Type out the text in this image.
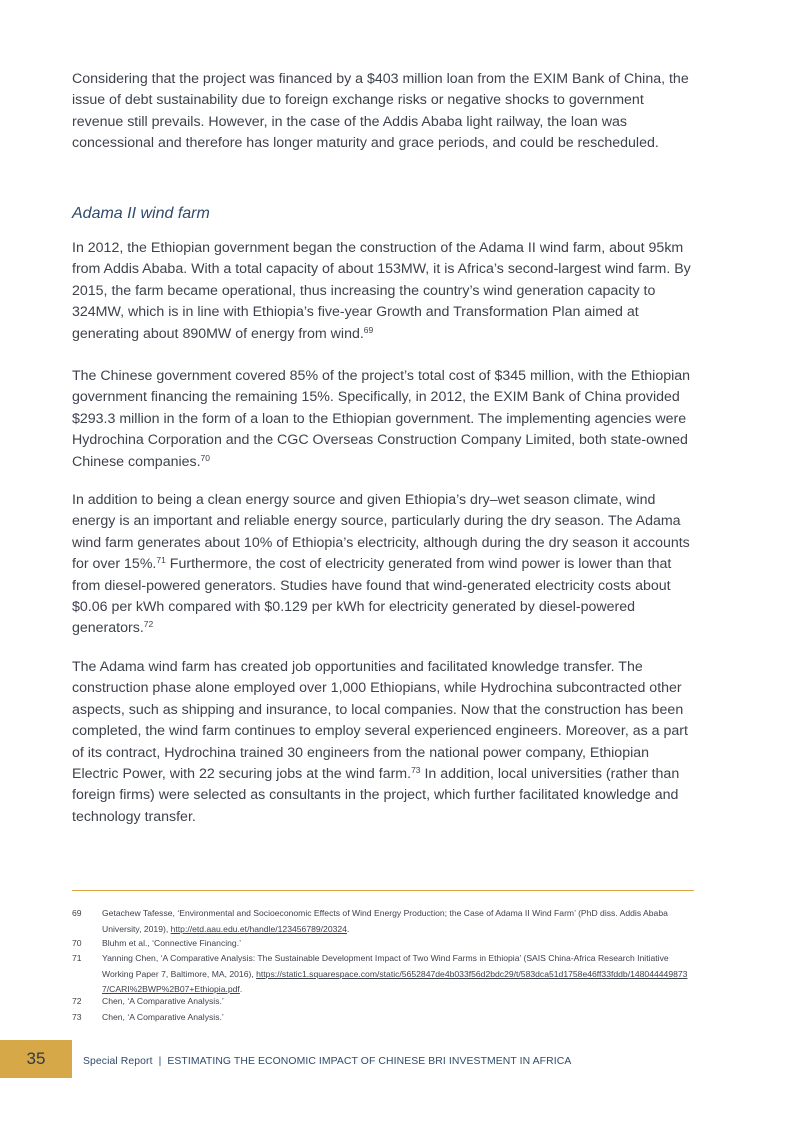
Considering that the project was financed by a $403 million loan from the EXIM Bank of China, the issue of debt sustainability due to foreign exchange risks or negative shocks to government revenue still prevails. However, in the case of the Addis Ababa light railway, the loan was concessional and therefore has longer maturity and grace periods, and could be rescheduled.

Adama II wind farm

In 2012, the Ethiopian government began the construction of the Adama II wind farm, about 95km from Addis Ababa. With a total capacity of about 153MW, it is Africa’s second-largest wind farm. By 2015, the farm became operational, thus increasing the country’s wind generation capacity to 324MW, which is in line with Ethiopia’s five-year Growth and Transformation Plan aimed at generating about 890MW of energy from wind.$^{69}$

The Chinese government covered 85% of the project’s total cost of $345 million, with the Ethiopian government financing the remaining 15%. Specifically, in 2012, the EXIM Bank of China provided $293.3 million in the form of a loan to the Ethiopian government. The implementing agencies were Hydrochina Corporation and the CGC Overseas Construction Company Limited, both state-owned Chinese companies.$^{70}$

In addition to being a clean energy source and given Ethiopia’s dry–wet season climate, wind energy is an important and reliable energy source, particularly during the dry season. The Adama wind farm generates about 10% of Ethiopia’s electricity, although during the dry season it accounts for over 15%.$^{71}$ Furthermore, the cost of electricity generated from wind power is lower than that from diesel-powered generators. Studies have found that wind-generated electricity costs about $0.06 per kWh compared with $0.129 per kWh for electricity generated by diesel-powered generators.$^{72}$

The Adama wind farm has created job opportunities and facilitated knowledge transfer. The construction phase alone employed over 1,000 Ethiopians, while Hydrochina subcontracted other aspects, such as shipping and insurance, to local companies. Now that the construction has been completed, the wind farm continues to employ several experienced engineers. Moreover, as a part of its contract, Hydrochina trained 30 engineers from the national power company, Ethiopian Electric Power, with 22 securing jobs at the wind farm.$^{73}$ In addition, local universities (rather than foreign firms) were selected as consultants in the project, which further facilitated knowledge and technology transfer.

69	Getachew Tafesse, ‘Environmental and Socioeconomic Effects of Wind Energy Production; the Case of Adama II Wind Farm’ (PhD diss. Addis Ababa University, 2019), http://etd.aau.edu.et/handle/123456789/20324.
70	Bluhm et al., ‘Connective Financing.’
71	Yanning Chen, ‘A Comparative Analysis: The Sustainable Development Impact of Two Wind Farms in Ethiopia’ (SAIS China-Africa Research Initiative Working Paper 7, Baltimore, MA, 2016), https://static1.squarespace.com/static/5652847de4b033f56d2bdc29/t/583dca51d1758e46ff33fddb/1480444498737/CARI%2BWP%2B07+Ethiopia.pdf.
72	Chen, ‘A Comparative Analysis.’
73	Chen, ‘A Comparative Analysis.’
35	Special Report | ESTIMATING THE ECONOMIC IMPACT OF CHINESE BRI INVESTMENT IN AFRICA
